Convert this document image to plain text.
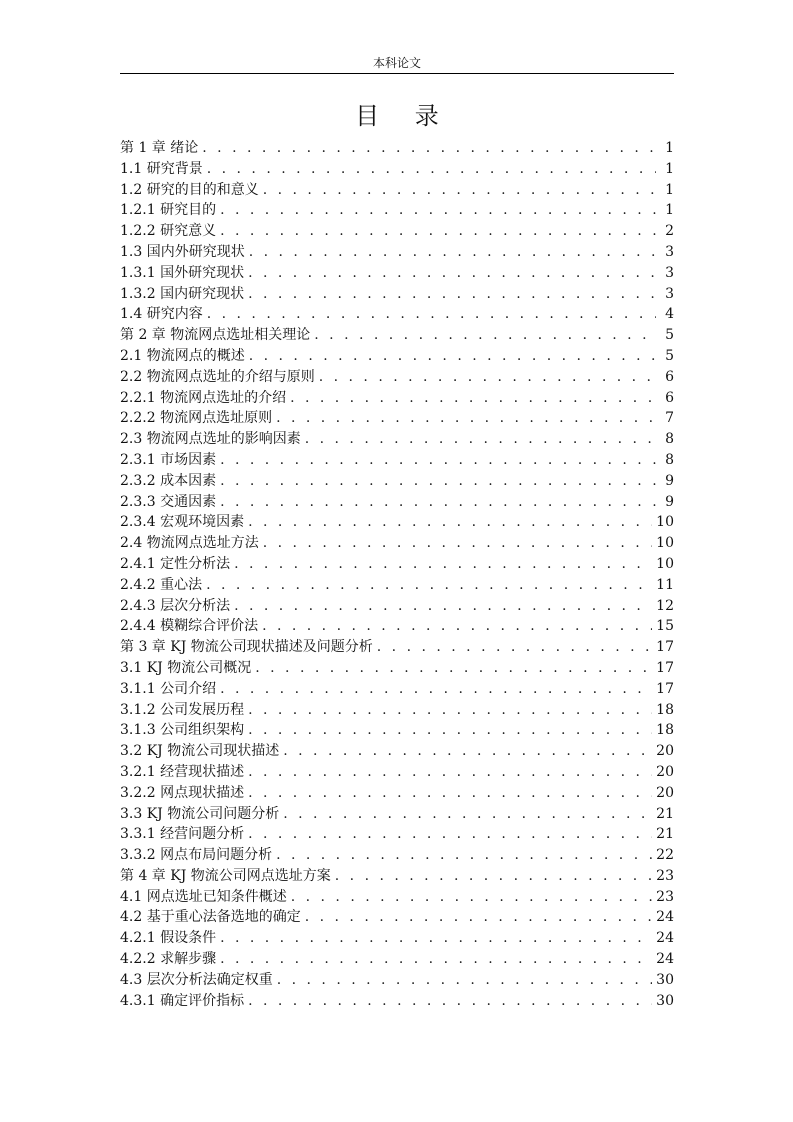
本科论文
目 录
第 1 章 绪论 . . .	1
1.1 研究背景 . . .	1
1.2 研究的目的和意义 . . .	1
1.2.1 研究目的 . . .	1
1.2.2 研究意义 . . .	2
1.3 国内外研究现状 . . .	3
1.3.1 国外研究现状 . . .	3
1.3.2 国内研究现状 . . .	3
1.4 研究内容 . . .	4
第 2 章 物流网点选址相关理论 . . .	5
2.1 物流网点的概述 . . .	5
2.2 物流网点选址的介绍与原则 . . .	6
2.2.1 物流网点选址的介绍 . . .	6
2.2.2 物流网点选址原则 . . .	7
2.3 物流网点选址的影响因素 . . .	8
2.3.1 市场因素 . . .	8
2.3.2 成本因素 . . .	9
2.3.3 交通因素 . . .	9
2.3.4 宏观环境因素 . . .	10
2.4 物流网点选址方法 . . .	10
2.4.1 定性分析法 . . .	10
2.4.2 重心法 . . .	11
2.4.3 层次分析法 . . .	12
2.4.4 模糊综合评价法 . . .	15
第 3 章 KJ 物流公司现状描述及问题分析 . . .	17
3.1 KJ 物流公司概况 . . .	17
3.1.1 公司介绍 . . .	17
3.1.2 公司发展历程 . . .	18
3.1.3 公司组织架构 . . .	18
3.2 KJ 物流公司现状描述 . . .	20
3.2.1 经营现状描述 . . .	20
3.2.2 网点现状描述 . . .	20
3.3 KJ 物流公司问题分析 . . .	21
3.3.1 经营问题分析 . . .	21
3.3.2 网点布局问题分析 . . .	22
第 4 章 KJ 物流公司网点选址方案 . . .	23
4.1 网点选址已知条件概述 . . .	23
4.2 基于重心法备选地的确定 . . .	24
4.2.1 假设条件 . . .	24
4.2.2 求解步骤 . . .	24
4.3 层次分析法确定权重 . . .	30
4.3.1 确定评价指标 . . .	30
